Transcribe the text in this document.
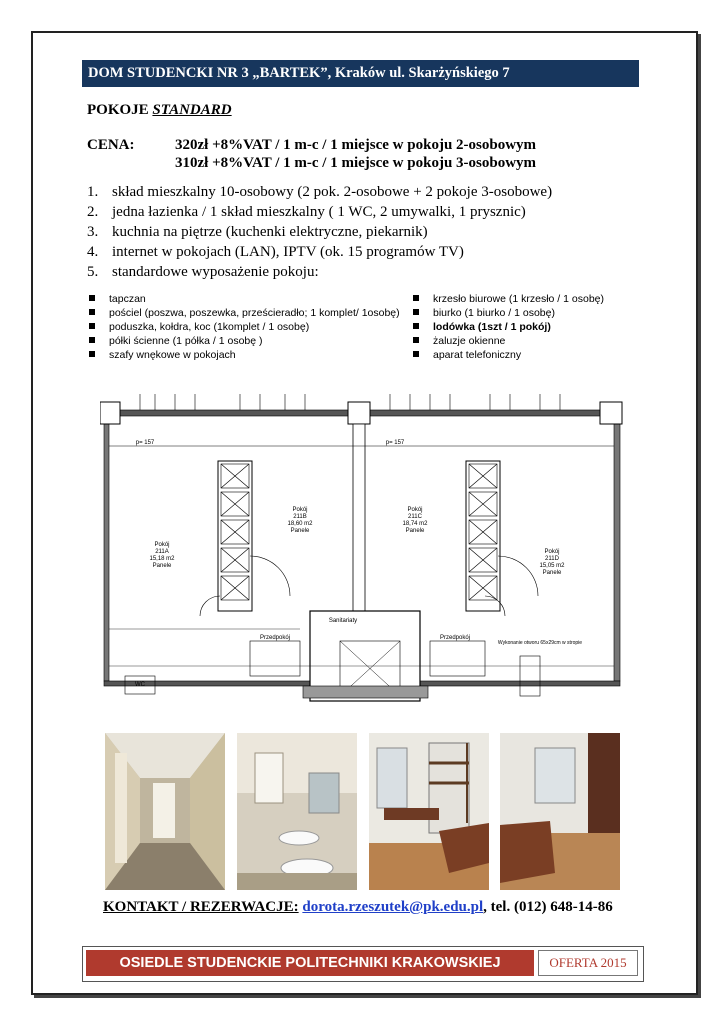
DOM STUDENCKI NR 3 „BARTEK”, Kraków ul. Skarżyńskiego 7
POKOJE STANDARD
CENA:	320zł +8%VAT / 1 m-c / 1 miejsce w pokoju 2-osobowym
310zł +8%VAT / 1 m-c / 1 miejsce w pokoju 3-osobowym
1. skład mieszkalny 10-osobowy (2 pok. 2-osobowe + 2 pokoje 3-osobowe)
2. jedna łazienka / 1 skład mieszkalny ( 1 WC, 2 umywalki, 1 prysznic)
3. kuchnia na piętrze (kuchenki elektryczne, piekarnik)
4. internet w pokojach (LAN), IPTV (ok. 15 programów TV)
5. standardowe wyposażenie pokoju:
tapczan
pościel (poszwa, poszewka, prześcieradło; 1 komplet/ 1osobę)
poduszka, kołdra, koc (1komplet / 1 osobę)
półki ścienne (1 półka / 1 osobę )
szafy wnękowe w pokojach
krzesło biurowe (1 krzesło / 1 osobę)
biurko (1 biurko / 1 osobę)
lodówka (1szt / 1 pokój)
żaluzje okienne
aparat telefoniczny
p= 157	p= 157
Pokój
211A
15,18 m2
Panele
Pokój
211B
18,60 m2
Panele
Pokój
211C
18,74 m2
Panele
Pokój
211D
15,05 m2
Panele
Sanitariaty
Przedpokój	Przedpokój
WC
Wykonanie otworu 65x29cm w stropie
KONTAKT / REZERWACJE: dorota.rzeszutek@pk.edu.pl, tel. (012) 648-14-86
OSIEDLE STUDENCKIE POLITECHNIKI KRAKOWSKIEJ	OFERTA 2015
